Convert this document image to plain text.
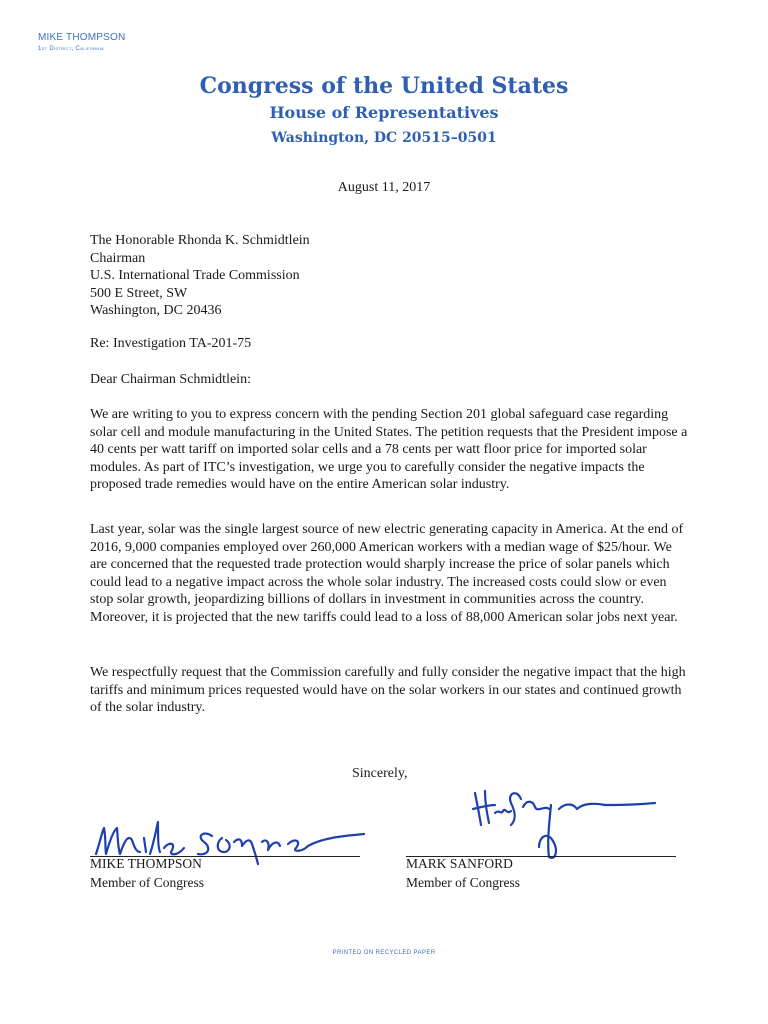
MIKE THOMPSON
1st District, California
Congress of the United States
House of Representatives
Washington, DC 20515–0501
August 11, 2017
The Honorable Rhonda K. Schmidtlein
Chairman
U.S. International Trade Commission
500 E Street, SW
Washington, DC 20436
Re: Investigation TA-201-75
Dear Chairman Schmidtlein:
We are writing to you to express concern with the pending Section 201 global safeguard case regarding solar cell and module manufacturing in the United States. The petition requests that the President impose a 40 cents per watt tariff on imported solar cells and a 78 cents per watt floor price for imported solar modules. As part of ITC’s investigation, we urge you to carefully consider the negative impacts the proposed trade remedies would have on the entire American solar industry.
Last year, solar was the single largest source of new electric generating capacity in America. At the end of 2016, 9,000 companies employed over 260,000 American workers with a median wage of $25/hour. We are concerned that the requested trade protection would sharply increase the price of solar panels which could lead to a negative impact across the whole solar industry. The increased costs could slow or even stop solar growth, jeopardizing billions of dollars in investment in communities across the country. Moreover, it is projected that the new tariffs could lead to a loss of 88,000 American solar jobs next year.
We respectfully request that the Commission carefully and fully consider the negative impact that the high tariffs and minimum prices requested would have on the solar workers in our states and continued growth of the solar industry.
Sincerely,
MIKE THOMPSON
Member of Congress
MARK SANFORD
Member of Congress
PRINTED ON RECYCLED PAPER
